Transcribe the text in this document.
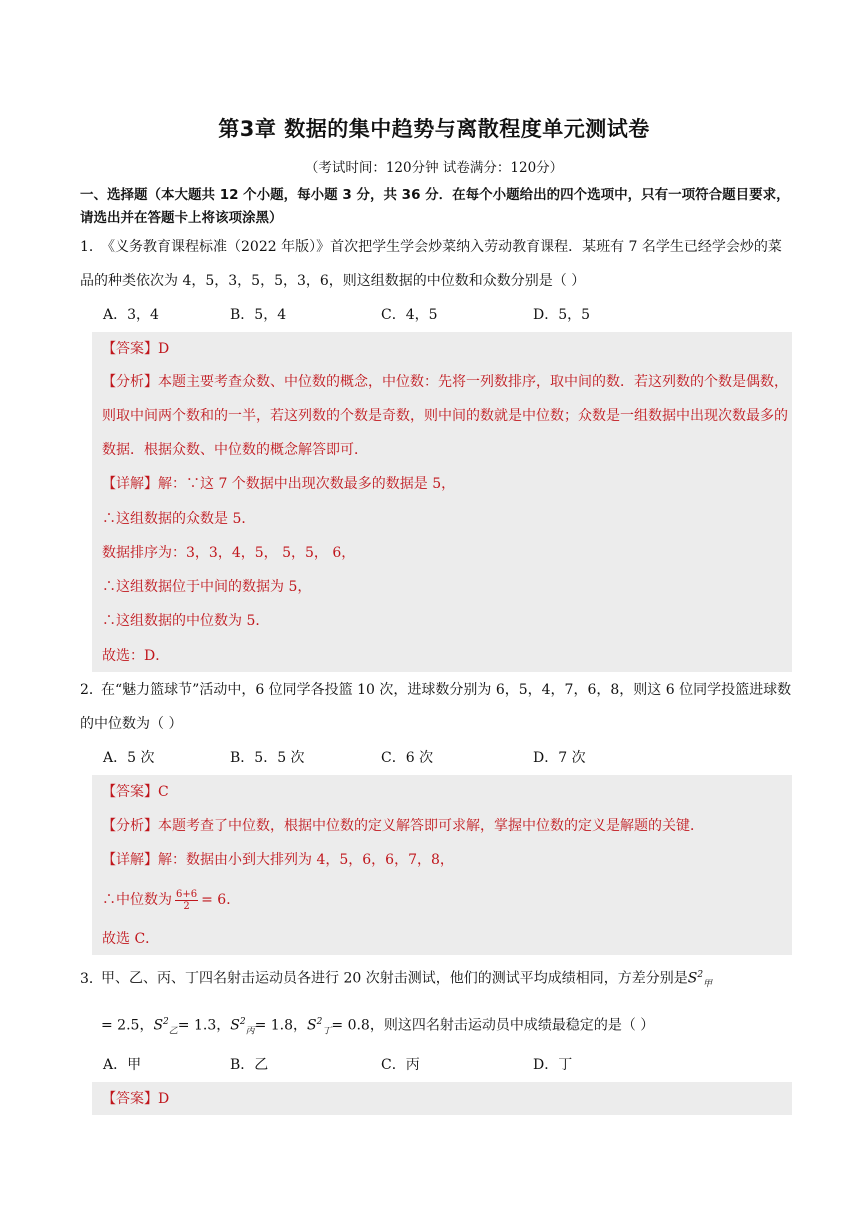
第3章 数据的集中趋势与离散程度单元测试卷
（考试时间：120分钟 试卷满分：120分）
一、选择题（本大题共 12 个小题，每小题 3 分，共 36 分．在每个小题给出的四个选项中，只有一项符合题目要求，请选出并在答题卡上将该项涂黑）
1．《义务教育课程标准（2022 年版）》首次把学生学会炒菜纳入劳动教育课程．某班有 7 名学生已经学会炒的菜品的种类依次为 4，5，3，5，5，3，6，则这组数据的中位数和众数分别是（ ）
A．3，4	B．5，4	C．4，5	D．5，5
【答案】D
【分析】本题主要考查众数、中位数的概念，中位数：先将一列数排序，取中间的数．若这列数的个数是偶数，则取中间两个数和的一半，若这列数的个数是奇数，则中间的数就是中位数；众数是一组数据中出现次数最多的数据．根据众数、中位数的概念解答即可．
【详解】解：∵这 7 个数据中出现次数最多的数据是 5，
∴这组数据的众数是 5．
数据排序为：3，3，4，5， 5，5， 6，
∴这组数据位于中间的数据为 5，
∴这组数据的中位数为 5．
故选：D．
2．在“魅力篮球节”活动中，6 位同学各投篮 10 次，进球数分别为 6，5，4，7，6，8，则这 6 位同学投篮进球数的中位数为（ ）
A．5 次	B．5．5 次	C．6 次	D．7 次
【答案】C
【分析】本题考查了中位数，根据中位数的定义解答即可求解，掌握中位数的定义是解题的关键．
【详解】解：数据由小到大排列为 4，5，6，6，7，8，
∴中位数为 $\frac{6+6}{2} = 6$．
故选 C．
3．甲、乙、丙、丁四名射击运动员各进行 20 次射击测试，他们的测试平均成绩相同，方差分别是$S^2_甲$
= 2.5，$S^2_乙= 1.3$，$S^2_丙= 1.8$，$S^2_丁= 0.8$，则这四名射击运动员中成绩最稳定的是（ ）
A．甲	B．乙	C．丙	D．丁
【答案】D
